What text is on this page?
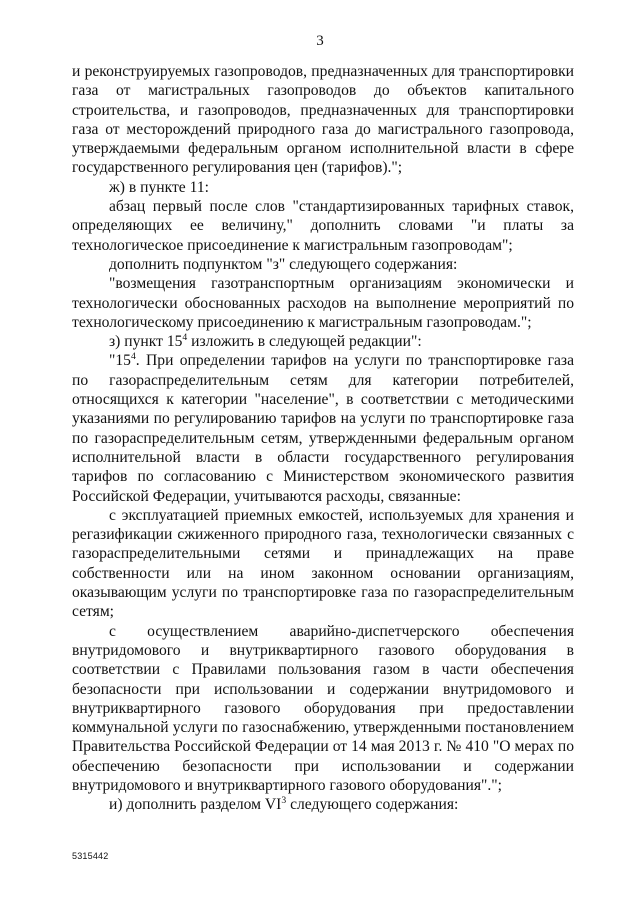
3

и реконструируемых газопроводов, предназначенных для транспортировки газа от магистральных газопроводов до объектов капитального строительства, и газопроводов, предназначенных для транспортировки газа от месторождений природного газа до магистрального газопровода, утверждаемыми федеральным органом исполнительной власти в сфере государственного регулирования цен (тарифов).";

ж) в пункте 11:

абзац первый после слов "стандартизированных тарифных ставок, определяющих ее величину," дополнить словами "и платы за технологическое присоединение к магистральным газопроводам";

дополнить подпунктом "з" следующего содержания:

"возмещения газотранспортным организациям экономически и технологически обоснованных расходов на выполнение мероприятий по технологическому присоединению к магистральным газопроводам.";

з) пункт $15^4$ изложить в следующей редакции":

"$15^4$. При определении тарифов на услуги по транспортировке газа по газораспределительным сетям для категории потребителей, относящихся к категории "население", в соответствии с методическими указаниями по регулированию тарифов на услуги по транспортировке газа по газораспределительным сетям, утвержденными федеральным органом исполнительной власти в области государственного регулирования тарифов по согласованию с Министерством экономического развития Российской Федерации, учитываются расходы, связанные:

с эксплуатацией приемных емкостей, используемых для хранения и регазификации сжиженного природного газа, технологически связанных с газораспределительными сетями и принадлежащих на праве собственности или на ином законном основании организациям, оказывающим услуги по транспортировке газа по газораспределительным сетям;

с осуществлением аварийно-диспетчерского обеспечения внутридомового и внутриквартирного газового оборудования в соответствии с Правилами пользования газом в части обеспечения безопасности при использовании и содержании внутридомового и внутриквартирного газового оборудования при предоставлении коммунальной услуги по газоснабжению, утвержденными постановлением Правительства Российской Федерации от 14 мая 2013 г. № 410 "О мерах по обеспечению безопасности при использовании и содержании внутридомового и внутриквартирного газового оборудования".";

и) дополнить разделом $VI^3$ следующего содержания:

5315442
